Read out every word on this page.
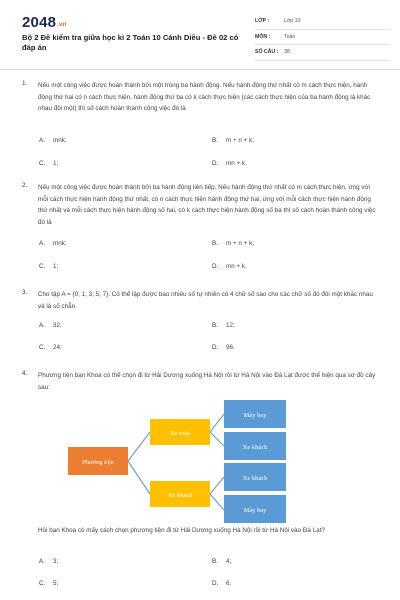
2048.vn
Bộ 2 Đề kiểm tra giữa học kì 2 Toán 10 Cánh Diều - Đề 02 có đáp án
LỚP :	Lớp 10
MÔN :	Toán
SỐ CÂU : 38
1. Nếu một công việc được hoàn thành bởi một trong ba hành động. Nếu hành động thứ nhất có m cách thực hiện, hành động thứ hai có n cách thực hiện, hành động thứ ba có k cách thực hiện (các cách thực hiện của ba hành động là khác nhau đôi một) thì số cách hoàn thành công việc đó là
A. mnk;	B. m + n + k;
C. 1;	D. mn + k.
2. Nếu một công việc được hoàn thành bởi ba hành động liên tiếp. Nếu hành động thứ nhất có m cách thực hiện, ứng với mỗi cách thực hiện hành động thứ nhất, có n cách thực hiện hành động thứ hai, ứng với mỗi cách thực hiện hành động thứ nhất và mỗi cách thực hiện hành động số hai, có k cách thực hiện hành động số ba thì số cách hoàn thành công việc đó là
A. mnk;	B. m + n + k;
C. 1;	D. mn + k.
3. Cho tập A = {0; 1; 3; 5; 7}. Có thể lập được bao nhiêu số tự nhiên có 4 chữ số sao cho các chữ số đó đôi một khác nhau và là số chẵn.
A. 32;	B. 12;
C. 24;	D. 96.
4. Phương tiện bạn Khoa có thể chọn đi từ Hải Dương xuống Hà Nội rồi từ Hà Nội vào Đà Lạt được thể hiện qua sơ đồ cây sau:
Phương tiện
Xe máy
Xe khách
Máy bay
Xe khách
Xe khách
Máy bay
Hỏi bạn Khoa có mấy cách chọn phương tiện đi từ Hải Dương xuống Hà Nội rồi từ Hà Nội vào Đà Lạt?
A. 3;	B. 4;
C. 5;	D. 6.
